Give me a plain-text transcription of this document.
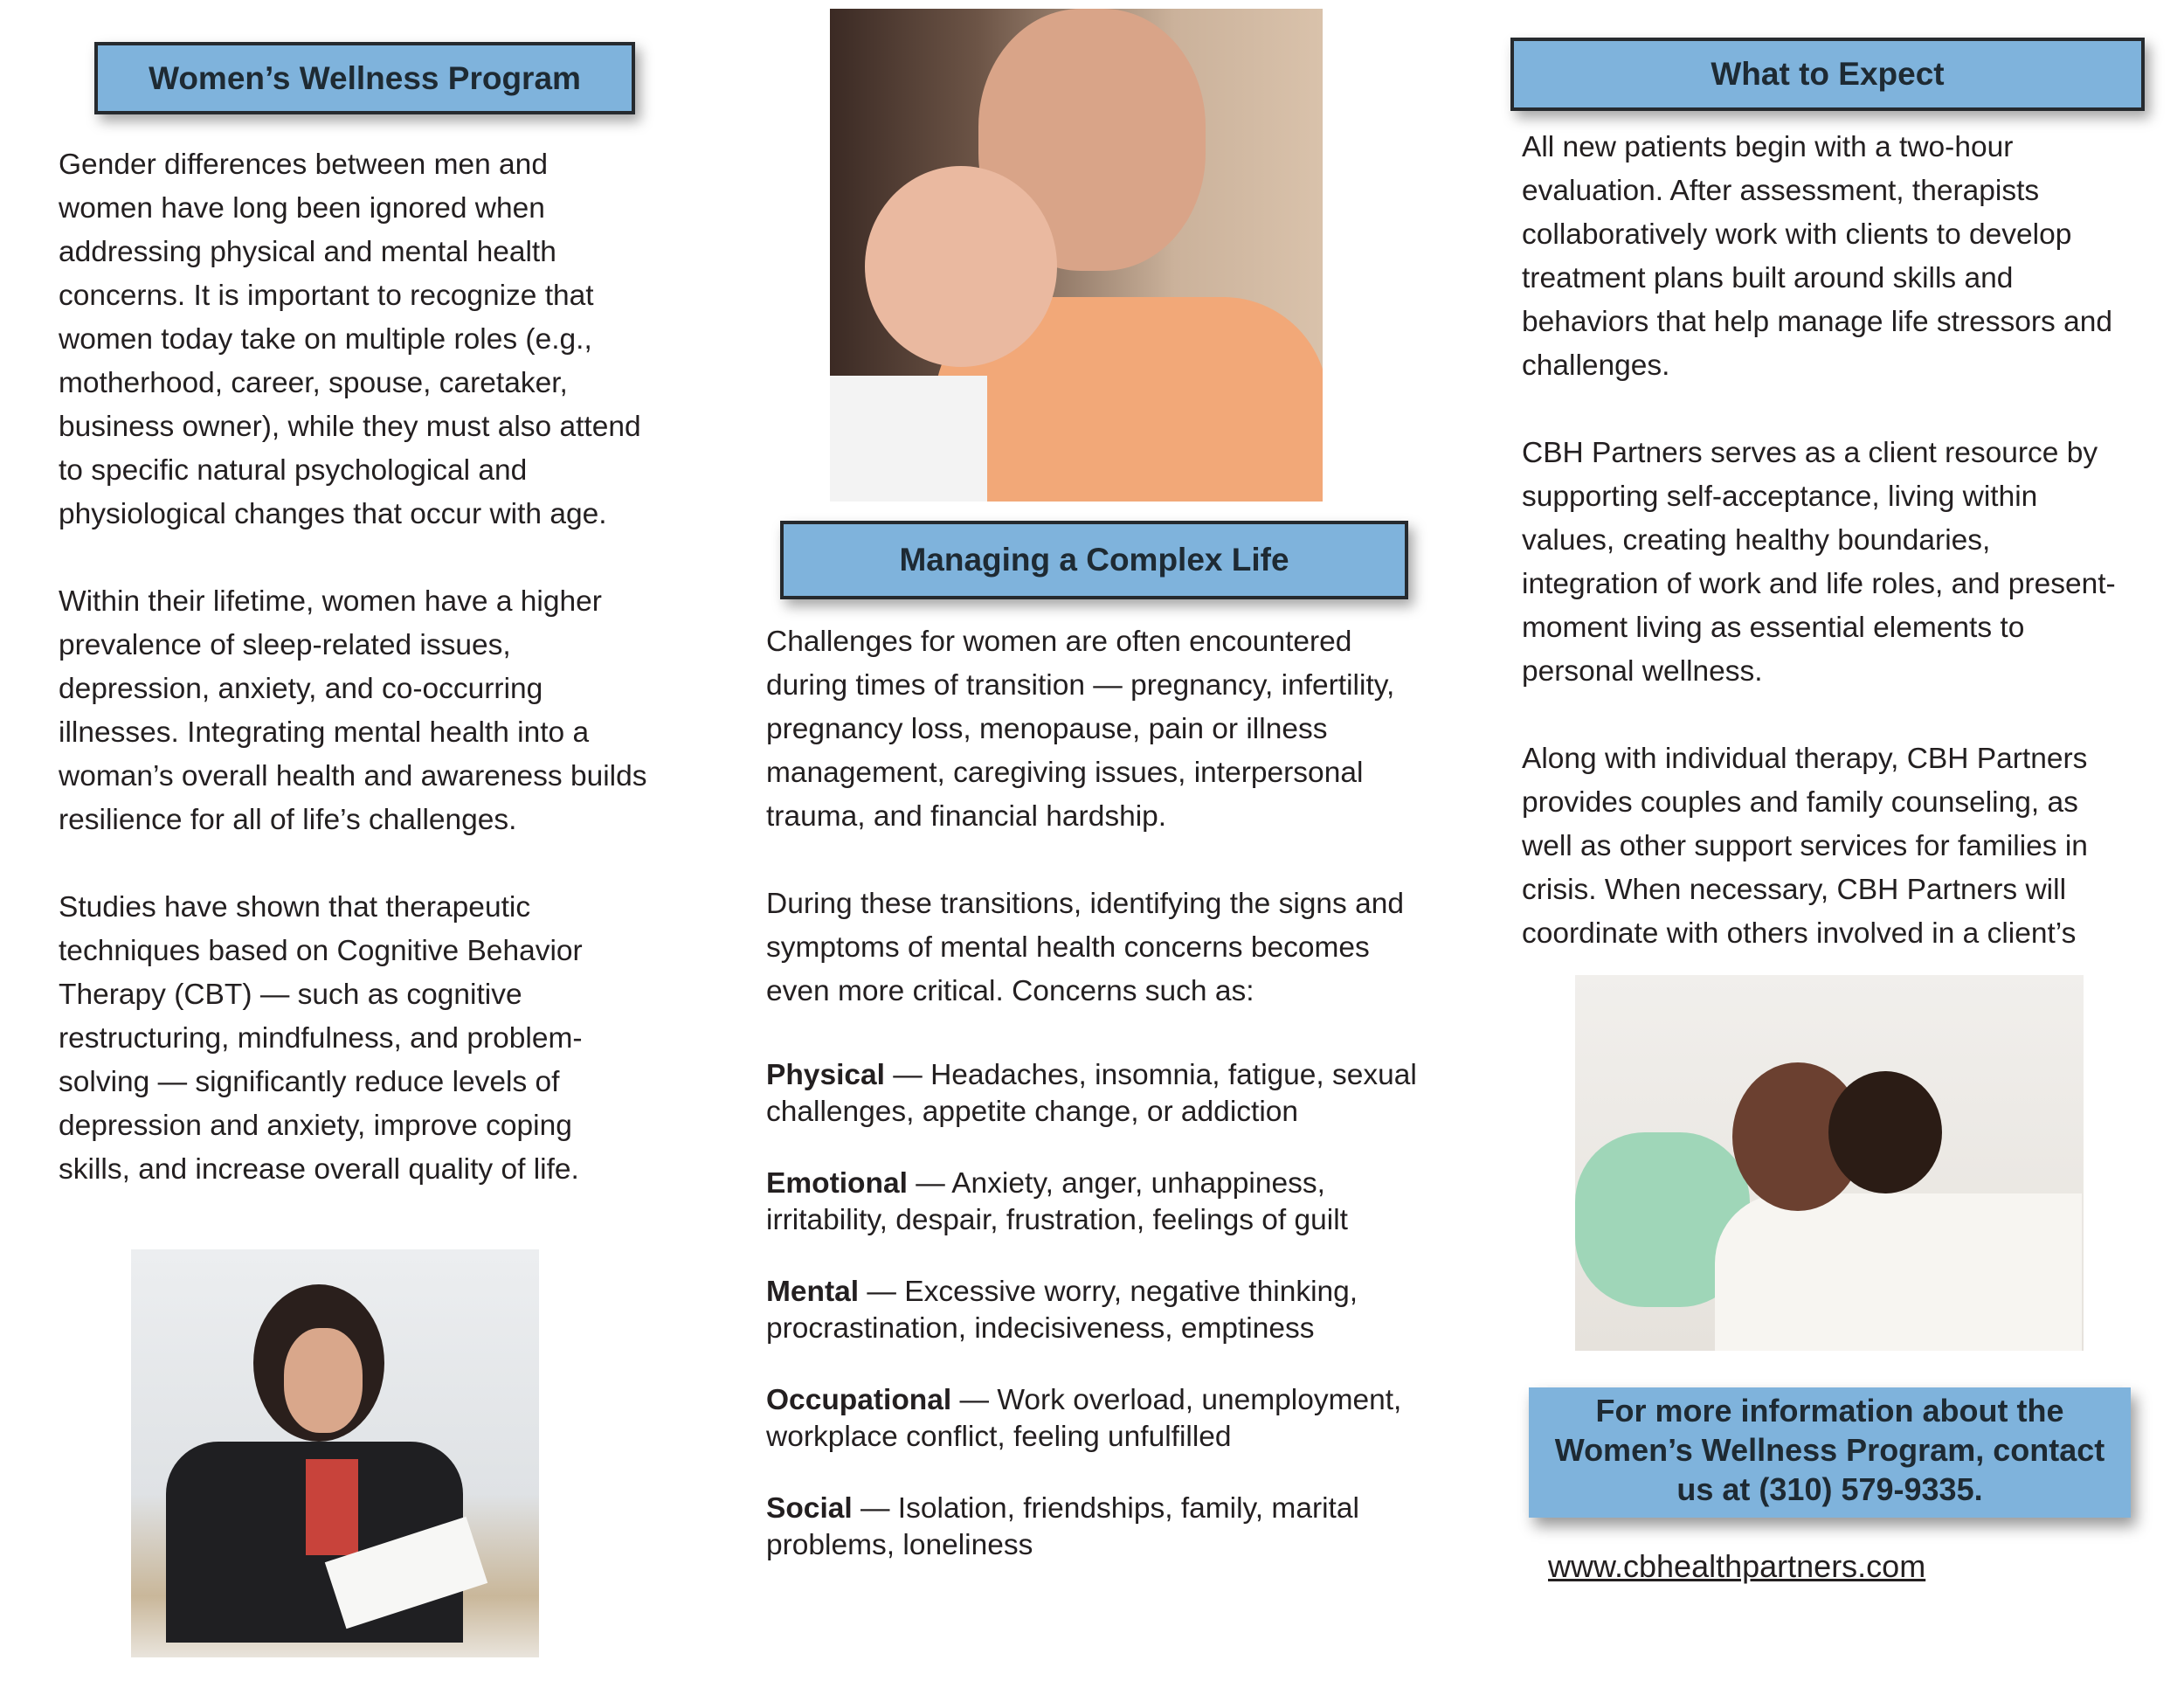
Women’s Wellness Program
Gender differences between men and
women have long been ignored when
addressing physical and mental health
concerns. It is important to recognize that
women today take on multiple roles (e.g.,
motherhood, career, spouse, caretaker,
business owner), while they must also attend
to specific natural psychological and
physiological changes that occur with age.
Within their lifetime, women have a higher
prevalence of sleep-related issues,
depression, anxiety, and co-occurring
illnesses. Integrating mental health into a
woman’s overall health and awareness builds
resilience for all of life’s challenges.
Studies have shown that therapeutic
techniques based on Cognitive Behavior
Therapy (CBT) — such as cognitive
restructuring, mindfulness, and problem-
solving — significantly reduce levels of
depression and anxiety, improve coping
skills, and increase overall quality of life.
Managing a Complex Life
Challenges for women are often encountered
during times of transition — pregnancy, infertility,
pregnancy loss, menopause, pain or illness
management, caregiving issues, interpersonal
trauma, and financial hardship.
During these transitions, identifying the signs and
symptoms of mental health concerns becomes
even more critical. Concerns such as:
Physical — Headaches, insomnia, fatigue, sexual
challenges, appetite change, or addiction
Emotional — Anxiety, anger, unhappiness,
irritability, despair, frustration, feelings of guilt
Mental — Excessive worry, negative thinking,
procrastination, indecisiveness, emptiness
Occupational — Work overload, unemployment,
workplace conflict, feeling unfulfilled
Social — Isolation, friendships, family, marital
problems, loneliness
What to Expect
All new patients begin with a two-hour
evaluation. After assessment, therapists
collaboratively work with clients to develop
treatment plans built around skills and
behaviors that help manage life stressors and
challenges.
CBH Partners serves as a client resource by
supporting self-acceptance, living within
values, creating healthy boundaries,
integration of work and life roles, and present-
moment living as essential elements to
personal wellness.
Along with individual therapy, CBH Partners
provides couples and family counseling, as
well as other support services for families in
crisis. When necessary, CBH Partners will
coordinate with others involved in a client’s
For more information about the
Women’s Wellness Program, contact
us at (310) 579-9335.
www.cbhealthpartners.com
